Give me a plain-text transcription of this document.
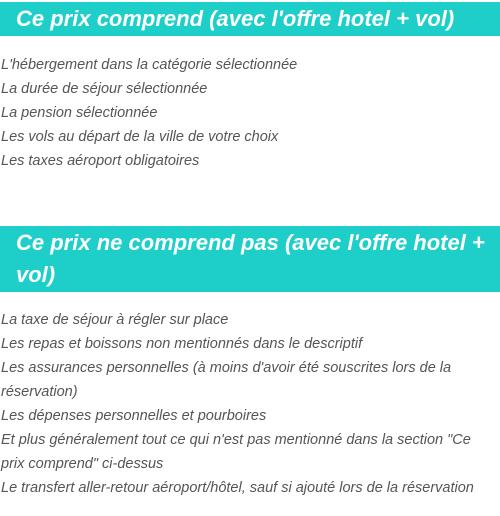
Ce prix comprend (avec l'offre hotel + vol)
L'hébergement dans la catégorie sélectionnée
La durée de séjour sélectionnée
La pension sélectionnée
Les vols au départ de la ville de votre choix
Les taxes aéroport obligatoires
Ce prix ne comprend pas (avec l'offre hotel + vol)
La taxe de séjour à régler sur place
Les repas et boissons non mentionnés dans le descriptif
Les assurances personnelles (à moins d'avoir été souscrites lors de la réservation)
Les dépenses personnelles et pourboires
Et plus généralement tout ce qui n'est pas mentionné dans la section "Ce prix comprend" ci-dessus
Le transfert aller-retour aéroport/hôtel, sauf si ajouté lors de la réservation
